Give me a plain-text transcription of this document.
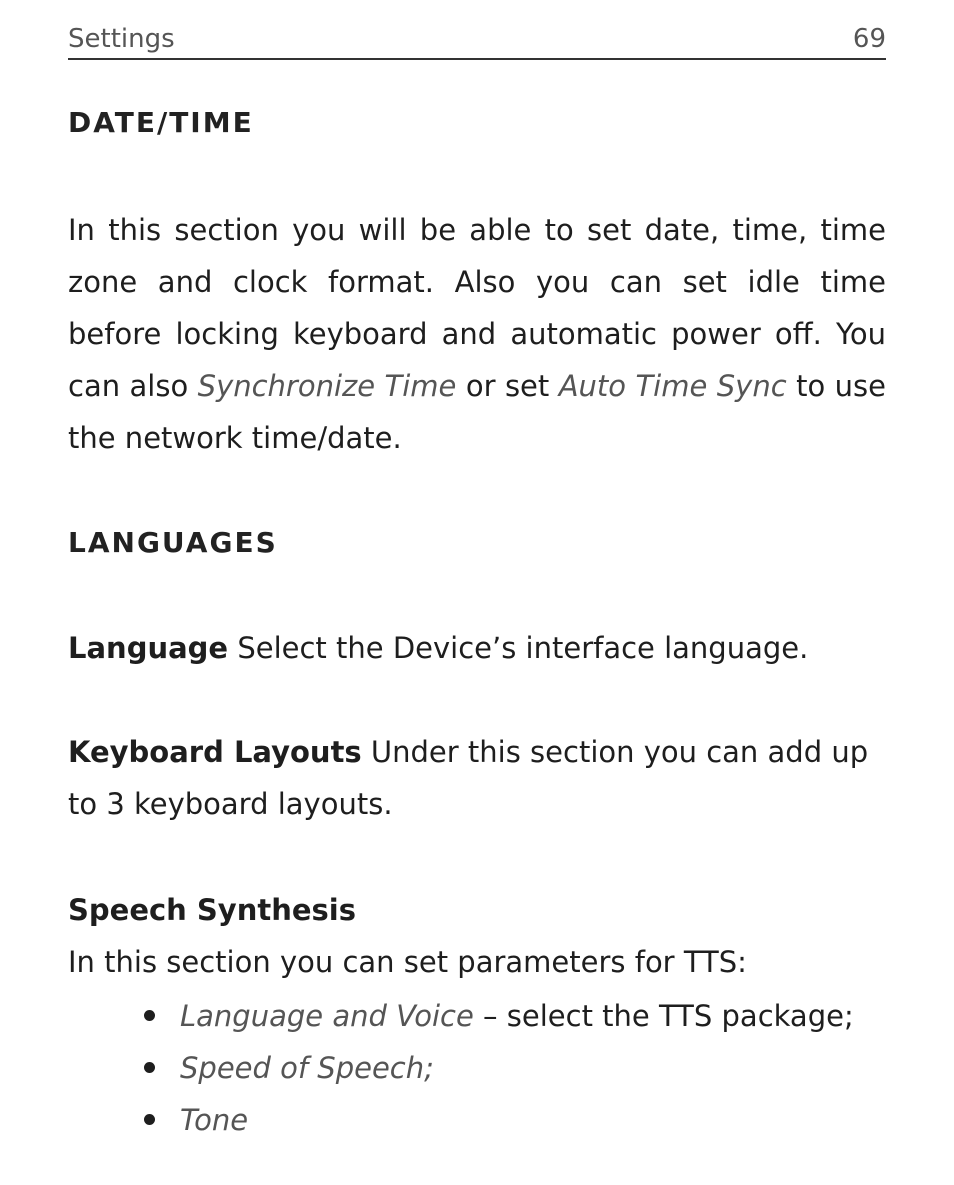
Settings	69
DATE/TIME
In this section you will be able to set date, time, time zone and clock format. Also you can set idle time before locking keyboard and automatic power off. You can also Synchronize Time or set Auto Time Sync to use the network time/date.
LANGUAGES
Language Select the Device’s interface language.
Keyboard Layouts Under this section you can add up to 3 keyboard layouts.
Speech Synthesis
In this section you can set parameters for TTS:
Language and Voice – select the TTS package;
Speed of Speech;
Tone
